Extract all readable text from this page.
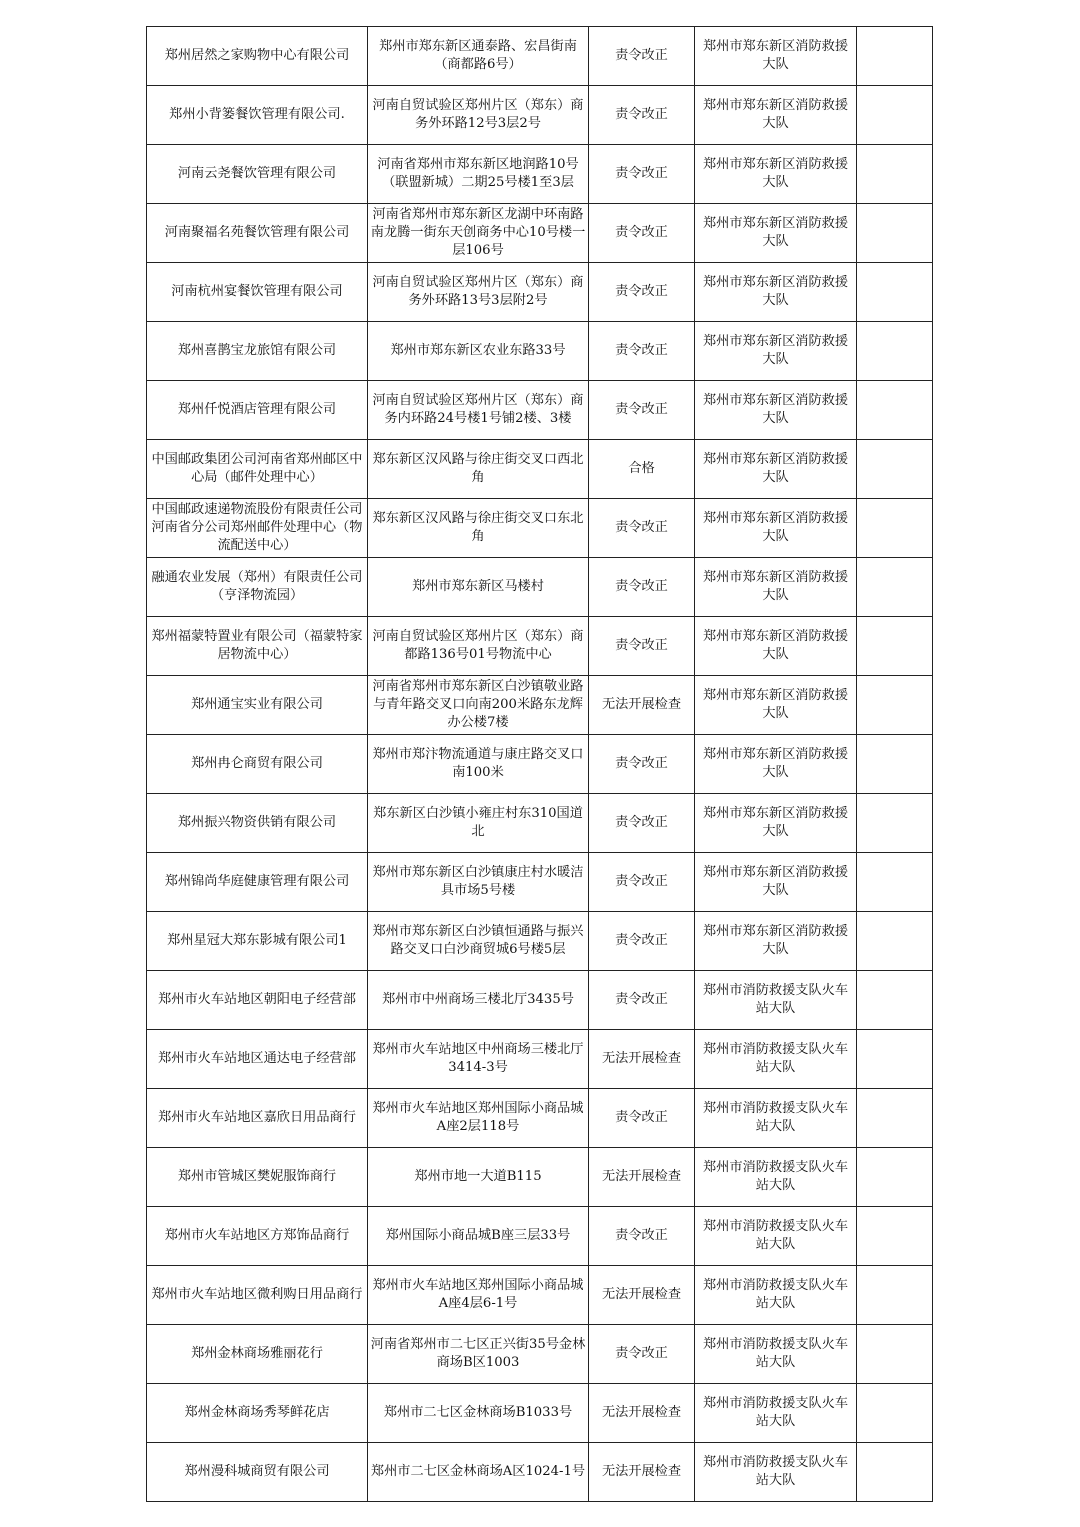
郑州居然之家购物中心有限公司	郑州市郑东新区通泰路、宏昌街南（商都路6号）	责令改正	郑州市郑东新区消防救援大队	
郑州小背篓餐饮管理有限公司.	河南自贸试验区郑州片区（郑东）商务外环路12号3层2号	责令改正	郑州市郑东新区消防救援大队	
河南云尧餐饮管理有限公司	河南省郑州市郑东新区地润路10号（联盟新城）二期25号楼1至3层	责令改正	郑州市郑东新区消防救援大队	
河南聚福名苑餐饮管理有限公司	河南省郑州市郑东新区龙湖中环南路南龙腾一街东天创商务中心10号楼一层106号	责令改正	郑州市郑东新区消防救援大队	
河南杭州宴餐饮管理有限公司	河南自贸试验区郑州片区（郑东）商务外环路13号3层附2号	责令改正	郑州市郑东新区消防救援大队	
郑州喜鹊宝龙旅馆有限公司	郑州市郑东新区农业东路33号	责令改正	郑州市郑东新区消防救援大队	
郑州仟悦酒店管理有限公司	河南自贸试验区郑州片区（郑东）商务内环路24号楼1号铺2楼、3楼	责令改正	郑州市郑东新区消防救援大队	
中国邮政集团公司河南省郑州邮区中心局（邮件处理中心）	郑东新区汉风路与徐庄街交叉口西北角	合格	郑州市郑东新区消防救援大队	
中国邮政速递物流股份有限责任公司河南省分公司郑州邮件处理中心（物流配送中心）	郑东新区汉风路与徐庄街交叉口东北角	责令改正	郑州市郑东新区消防救援大队	
融通农业发展（郑州）有限责任公司（亨泽物流园）	郑州市郑东新区马楼村	责令改正	郑州市郑东新区消防救援大队	
郑州福蒙特置业有限公司（福蒙特家居物流中心）	河南自贸试验区郑州片区（郑东）商都路136号01号物流中心	责令改正	郑州市郑东新区消防救援大队	
郑州通宝实业有限公司	河南省郑州市郑东新区白沙镇敬业路与青年路交叉口向南200米路东龙辉办公楼7楼	无法开展检查	郑州市郑东新区消防救援大队	
郑州冉仑商贸有限公司	郑州市郑汴物流通道与康庄路交叉口南100米	责令改正	郑州市郑东新区消防救援大队	
郑州振兴物资供销有限公司	郑东新区白沙镇小雍庄村东310国道北	责令改正	郑州市郑东新区消防救援大队	
郑州锦尚华庭健康管理有限公司	郑州市郑东新区白沙镇康庄村水暖洁具市场5号楼	责令改正	郑州市郑东新区消防救援大队	
郑州星冠大郑东影城有限公司1	郑州市郑东新区白沙镇恒通路与振兴路交叉口白沙商贸城6号楼5层	责令改正	郑州市郑东新区消防救援大队	
郑州市火车站地区朝阳电子经营部	郑州市中州商场三楼北厅3435号	责令改正	郑州市消防救援支队火车站大队	
郑州市火车站地区通达电子经营部	郑州市火车站地区中州商场三楼北厅3414-3号	无法开展检查	郑州市消防救援支队火车站大队	
郑州市火车站地区嘉欣日用品商行	郑州市火车站地区郑州国际小商品城A座2层118号	责令改正	郑州市消防救援支队火车站大队	
郑州市管城区樊妮服饰商行	郑州市地一大道B115	无法开展检查	郑州市消防救援支队火车站大队	
郑州市火车站地区方郑饰品商行	郑州国际小商品城B座三层33号	责令改正	郑州市消防救援支队火车站大队	
郑州市火车站地区微利购日用品商行	郑州市火车站地区郑州国际小商品城A座4层6-1号	无法开展检查	郑州市消防救援支队火车站大队	
郑州金林商场雅丽花行	河南省郑州市二七区正兴街35号金林商场B区1003	责令改正	郑州市消防救援支队火车站大队	
郑州金林商场秀琴鲜花店	郑州市二七区金林商场B1033号	无法开展检查	郑州市消防救援支队火车站大队	
郑州漫科城商贸有限公司	郑州市二七区金林商场A区1024-1号	无法开展检查	郑州市消防救援支队火车站大队	
